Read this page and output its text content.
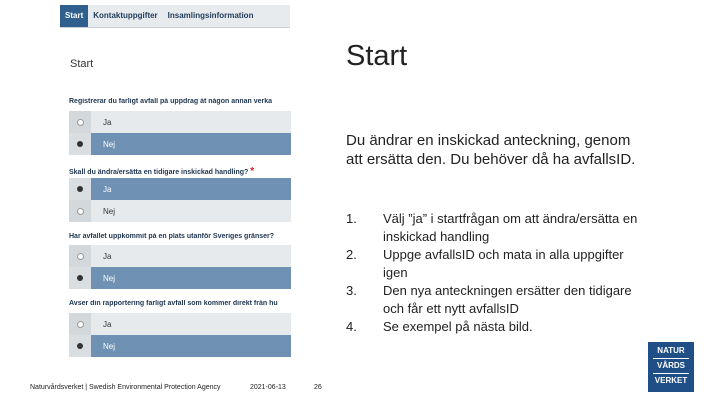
Start	Kontaktuppgifter	Insamlingsinformation
Start
Registrerar du farligt avfall på uppdrag åt någon annan verka
Ja
Nej
Skall du ändra/ersätta en tidigare inskickad handling? *
Ja
Nej
Har avfallet uppkommit på en plats utanför Sveriges gränser?
Ja
Nej
Avser din rapportering farligt avfall som kommer direkt från hu
Ja
Nej
Start
Du ändrar en inskickad anteckning, genom att ersätta den. Du behöver då ha avfallsID.
1.	Välj ”ja” i startfrågan om att ändra/ersätta en inskickad handling
2.	Uppge avfallsID och mata in alla uppgifter igen
3.	Den nya anteckningen ersätter den tidigare och får ett nytt avfallsID
4.	Se exempel på nästa bild.
Naturvårdsverket | Swedish Environmental Protection Agency	2021-06-13	26
NATUR
VÅRDS
VERKET
